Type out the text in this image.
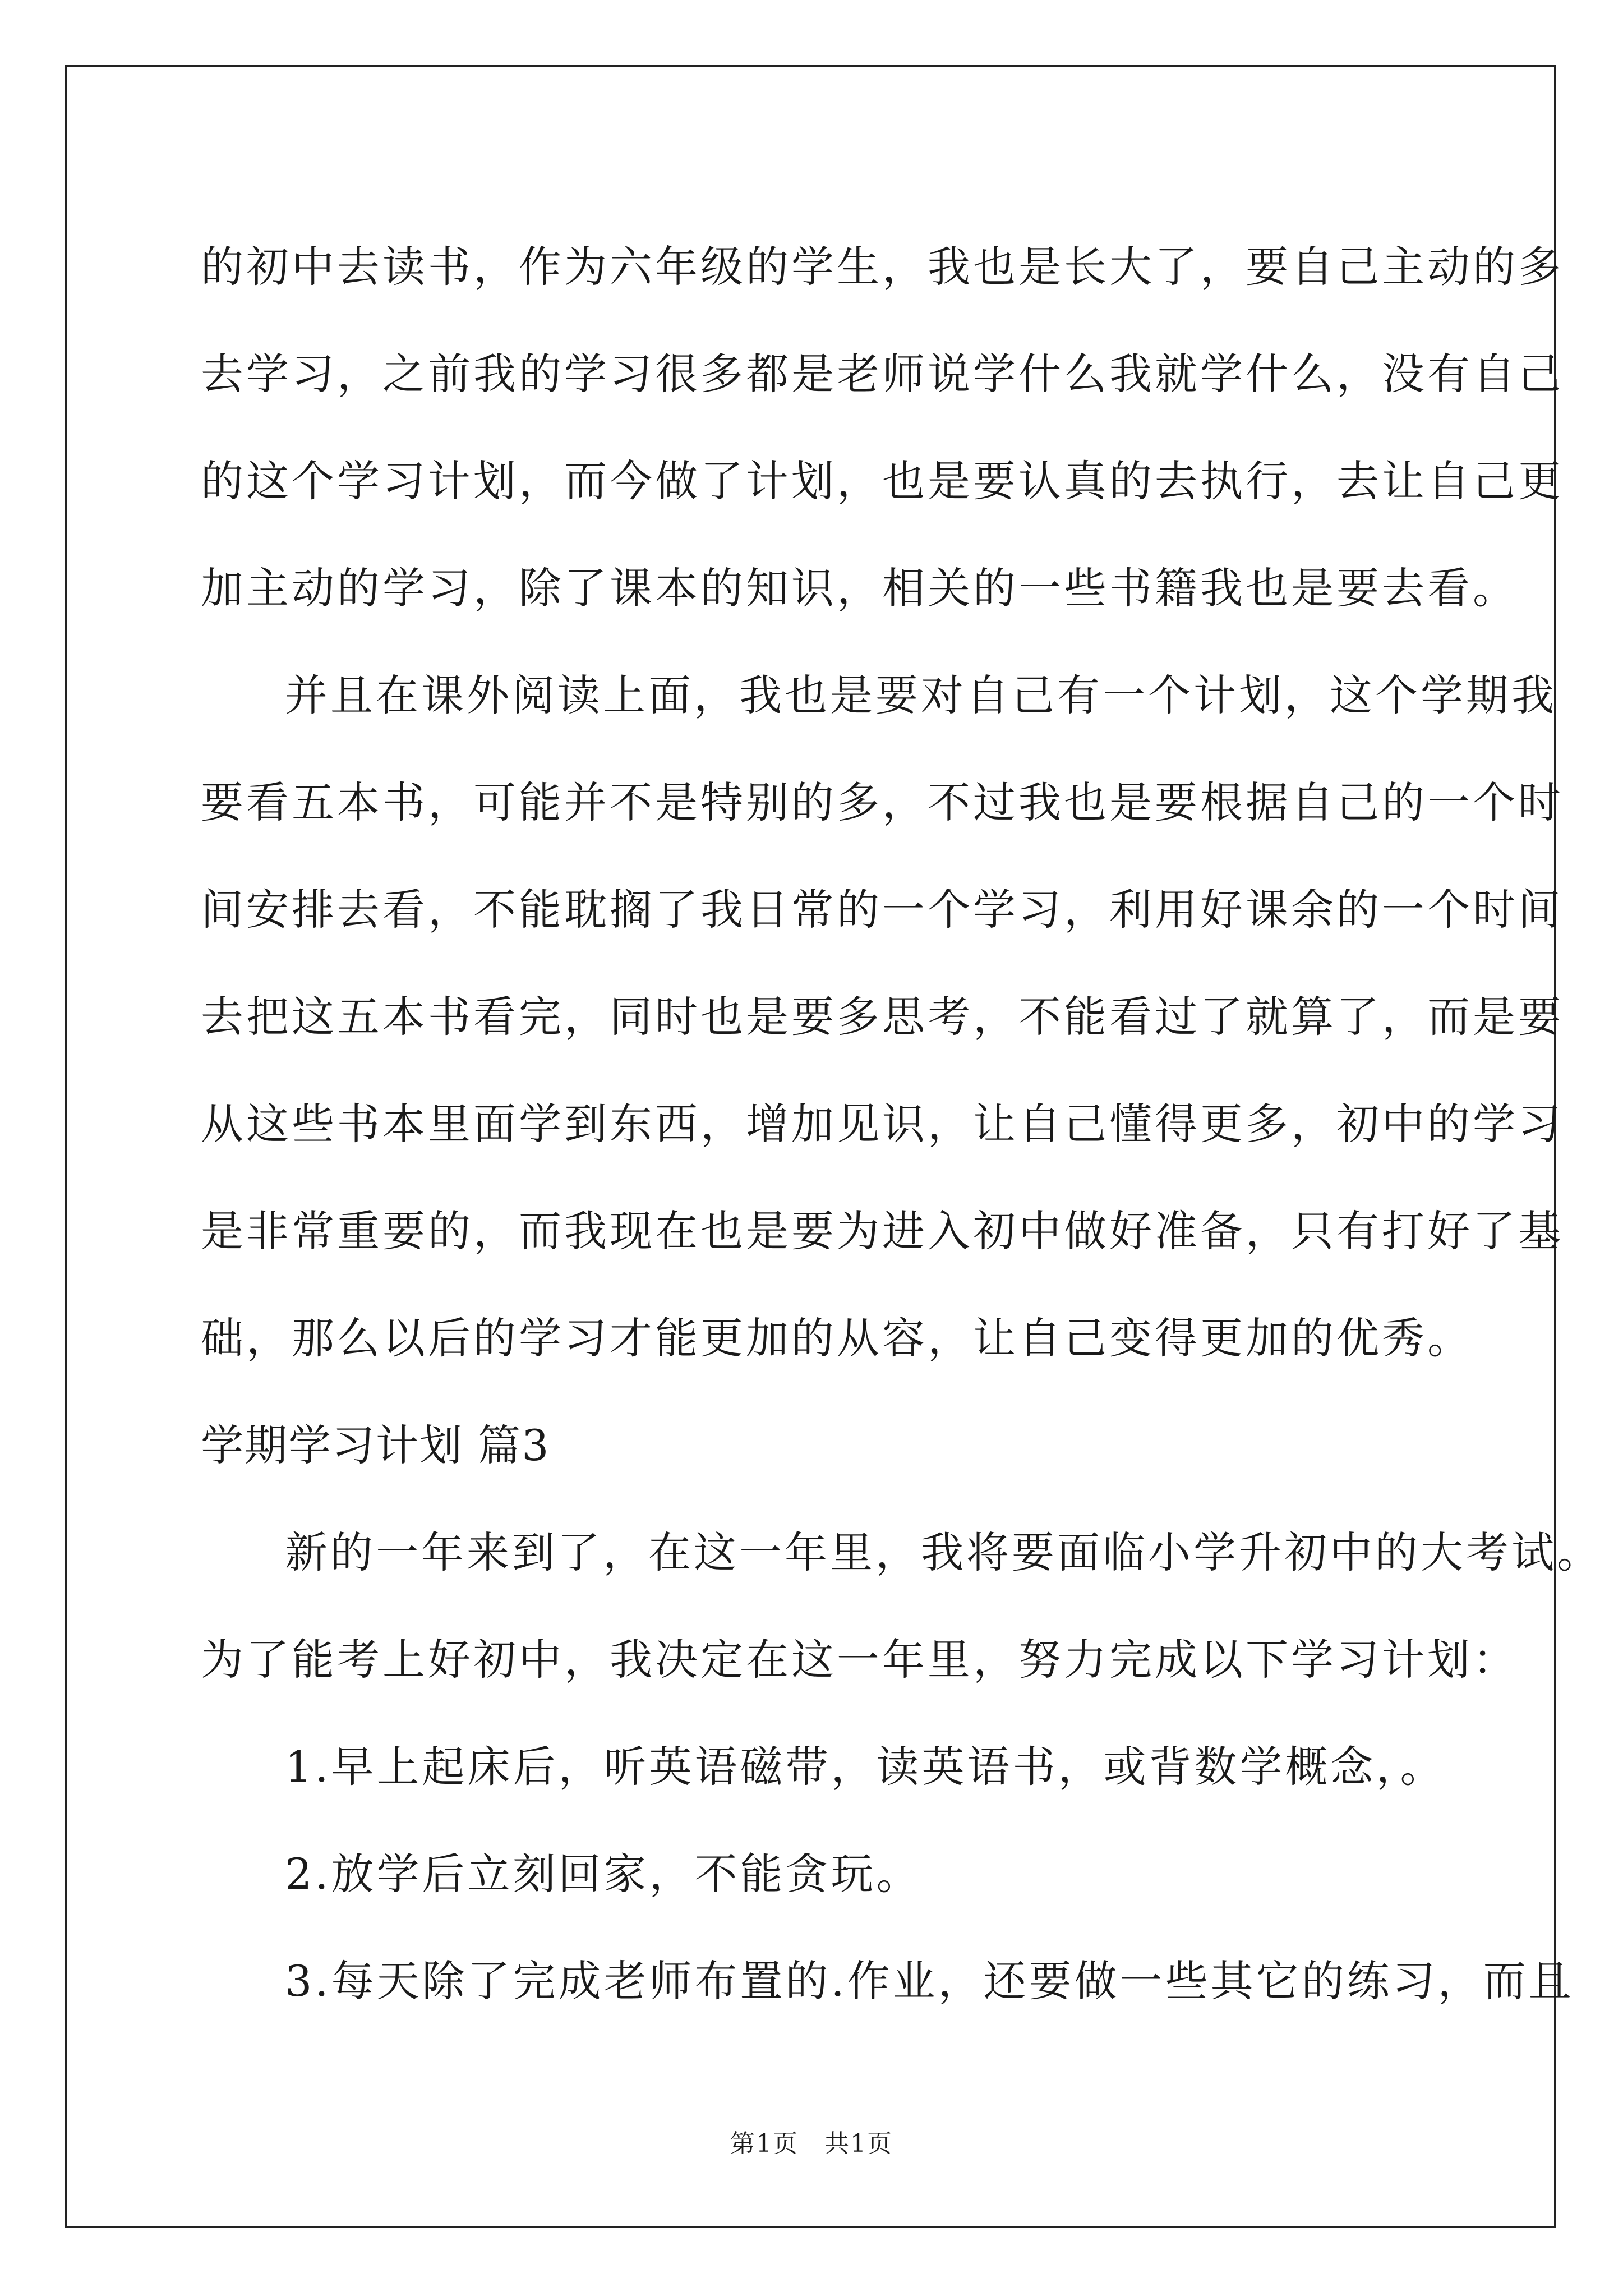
的初中去读书，作为六年级的学生，我也是长大了，要自己主动的多
去学习，之前我的学习很多都是老师说学什么我就学什么，没有自己
的这个学习计划，而今做了计划，也是要认真的去执行，去让自己更
加主动的学习，除了课本的知识，相关的一些书籍我也是要去看。
并且在课外阅读上面，我也是要对自己有一个计划，这个学期我
要看五本书，可能并不是特别的多，不过我也是要根据自己的一个时
间安排去看，不能耽搁了我日常的一个学习，利用好课余的一个时间
去把这五本书看完，同时也是要多思考，不能看过了就算了，而是要
从这些书本里面学到东西，增加见识，让自己懂得更多，初中的学习
是非常重要的，而我现在也是要为进入初中做好准备，只有打好了基
础，那么以后的学习才能更加的从容，让自己变得更加的优秀。
学期学习计划 篇3
新的一年来到了，在这一年里，我将要面临小学升初中的大考试。
为了能考上好初中，我决定在这一年里，努力完成以下学习计划：
1.早上起床后，听英语磁带，读英语书，或背数学概念，。
2.放学后立刻回家，不能贪玩。
3.每天除了完成老师布置的.作业，还要做一些其它的练习，而且
第1页　共1页
